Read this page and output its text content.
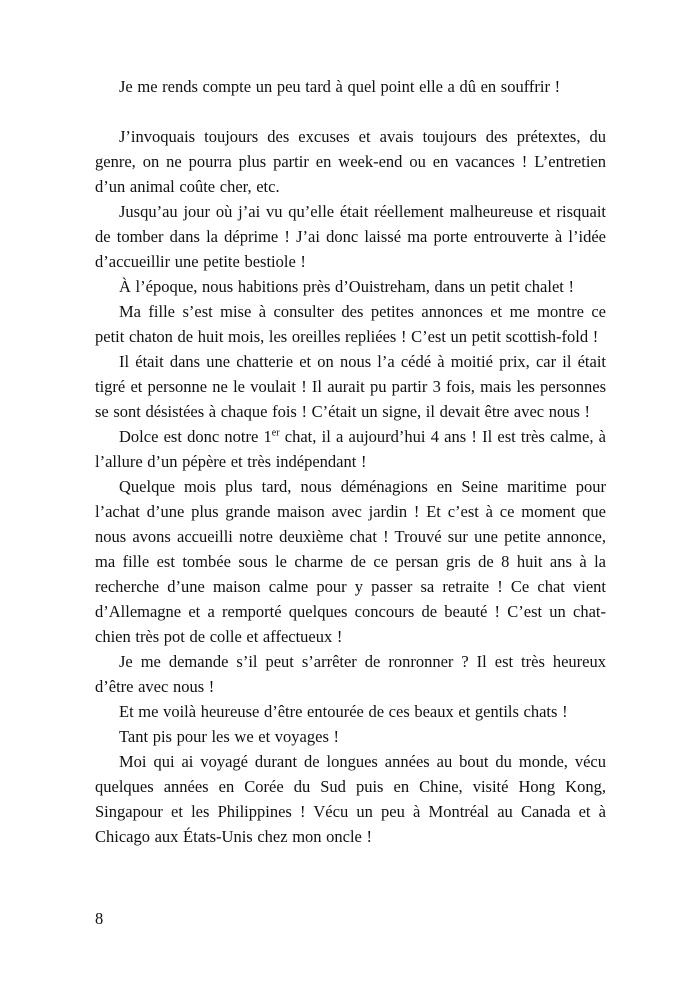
Je me rends compte un peu tard à quel point elle a dû en souffrir !

J’invoquais toujours des excuses et avais toujours des prétextes, du genre, on ne pourra plus partir en week-end ou en vacances ! L’entretien d’un animal coûte cher, etc.

Jusqu’au jour où j’ai vu qu’elle était réellement malheureuse et risquait de tomber dans la déprime ! J’ai donc laissé ma porte entrouverte à l’idée d’accueillir une petite bestiole !

À l’époque, nous habitions près d’Ouistreham, dans un petit chalet !

Ma fille s’est mise à consulter des petites annonces et me montre ce petit chaton de huit mois, les oreilles repliées ! C’est un petit scottish-fold !

Il était dans une chatterie et on nous l’a cédé à moitié prix, car il était tigré et personne ne le voulait ! Il aurait pu partir 3 fois, mais les personnes se sont désistées à chaque fois ! C’était un signe, il devait être avec nous !

Dolce est donc notre 1er chat, il a aujourd’hui 4 ans ! Il est très calme, à l’allure d’un pépère et très indépendant !

Quelque mois plus tard, nous déménagions en Seine maritime pour l’achat d’une plus grande maison avec jardin ! Et c’est à ce moment que nous avons accueilli notre deuxième chat ! Trouvé sur une petite annonce, ma fille est tombée sous le charme de ce persan gris de 8 huit ans à la recherche d’une maison calme pour y passer sa retraite ! Ce chat vient d’Allemagne et a remporté quelques concours de beauté ! C’est un chat-chien très pot de colle et affectueux !

Je me demande s’il peut s’arrêter de ronronner ? Il est très heureux d’être avec nous !

Et me voilà heureuse d’être entourée de ces beaux et gentils chats !

Tant pis pour les we et voyages !

Moi qui ai voyagé durant de longues années au bout du monde, vécu quelques années en Corée du Sud puis en Chine, visité Hong Kong, Singapour et les Philippines ! Vécu un peu à Montréal au Canada et à Chicago aux États-Unis chez mon oncle !

8
